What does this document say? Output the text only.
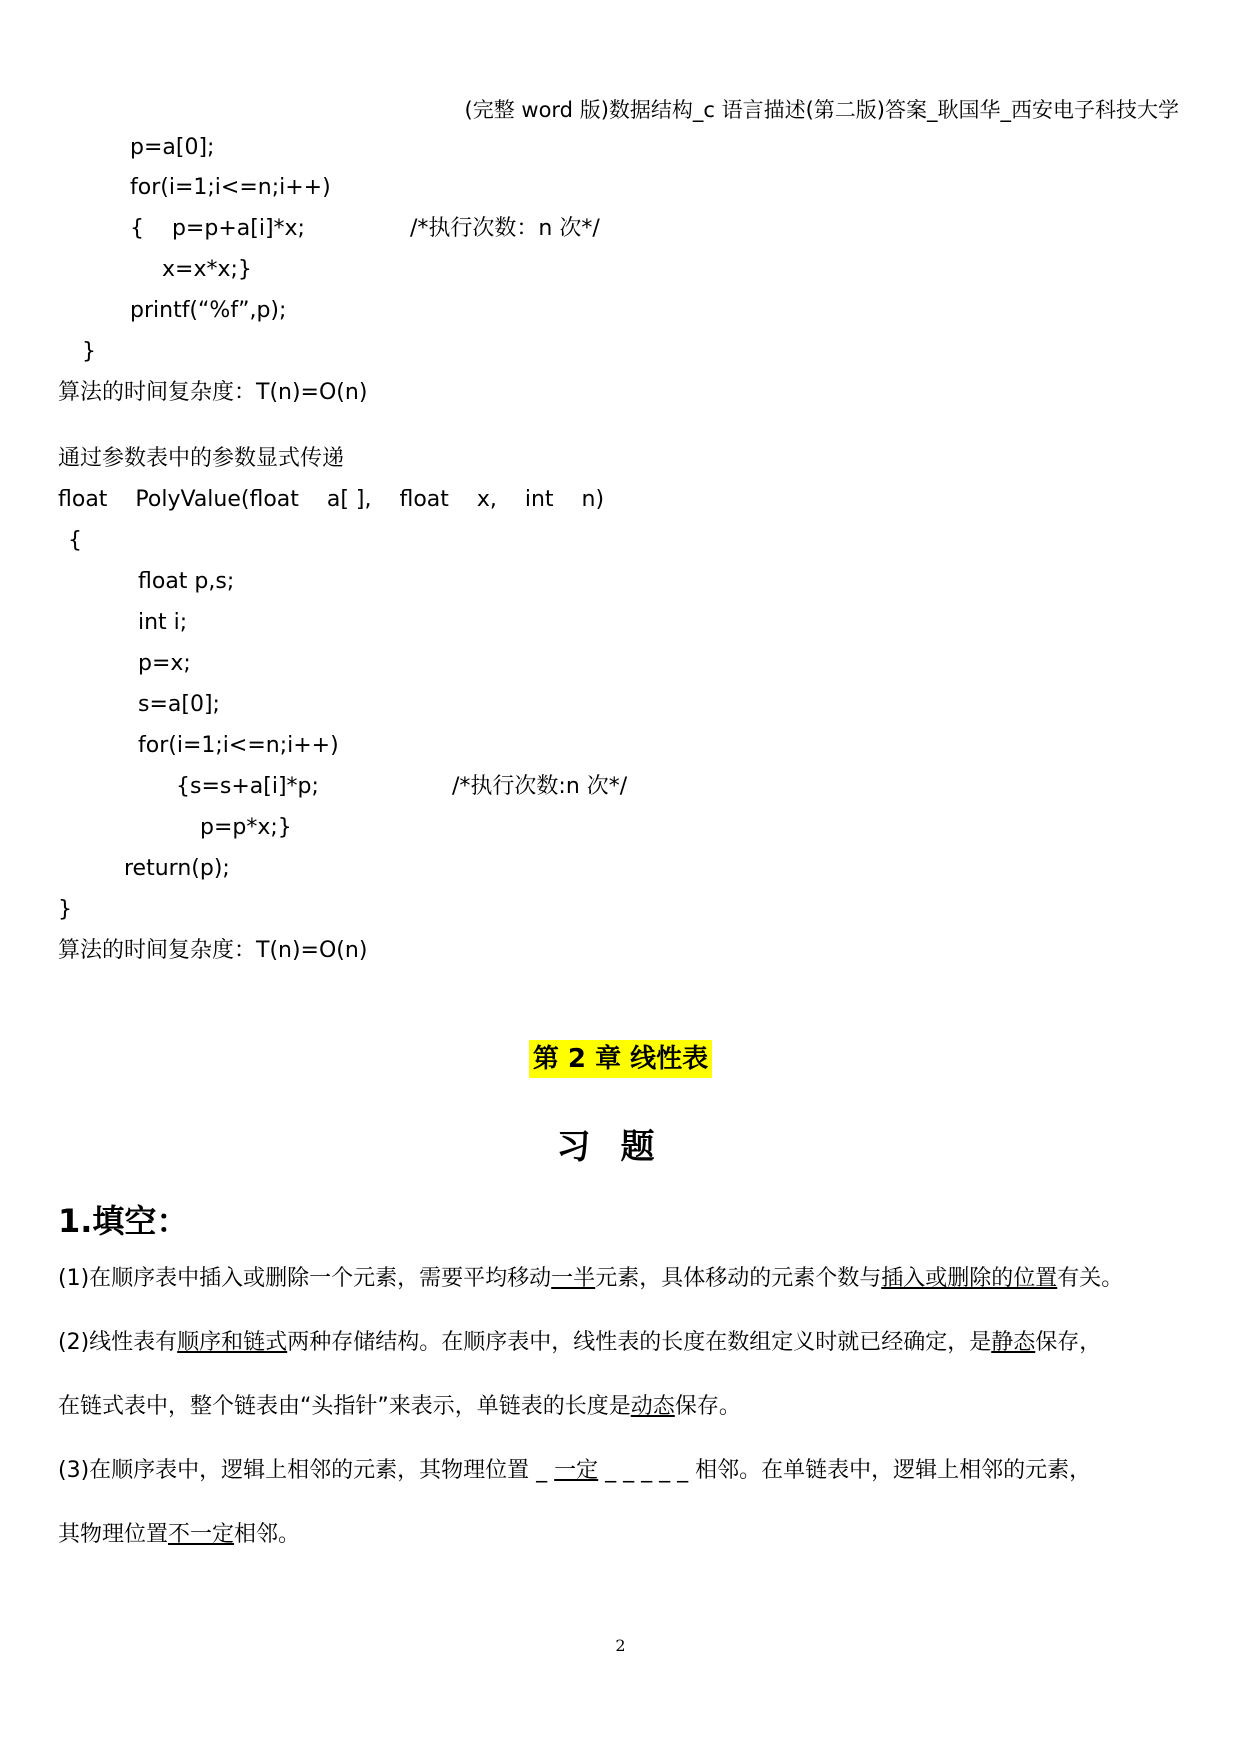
(完整 word 版)数据结构_c 语言描述(第二版)答案_耿国华_西安电子科技大学
p=a[0];
for(i=1;i<=n;i++)
{    p=p+a[i]*x;	/*执行次数：n 次*/
x=x*x;}
printf(“%f”,p);
}
算法的时间复杂度：T(n)=O(n)
通过参数表中的参数显式传递
float    PolyValue(float    a[ ],    float    x,    int    n)
{
float p,s;
int i;
p=x;
s=a[0];
for(i=1;i<=n;i++)
{s=s+a[i]*p;	/*执行次数:n 次*/
p=p*x;}
return(p);
}
算法的时间复杂度：T(n)=O(n)
第 2 章 线性表
习题
1.填空：
(1)在顺序表中插入或删除一个元素，需要平均移动一半元素，具体移动的元素个数与插入或删除的位置有关。
(2)线性表有顺序和链式两种存储结构。在顺序表中，线性表的长度在数组定义时就已经确定，是静态保存，
在链式表中，整个链表由“头指针”来表示，单链表的长度是动态保存。
(3)在顺序表中，逻辑上相邻的元素，其物理位置 _ 一定 _ _ _ _ _ 相邻。在单链表中，逻辑上相邻的元素，
其物理位置不一定相邻。
2
